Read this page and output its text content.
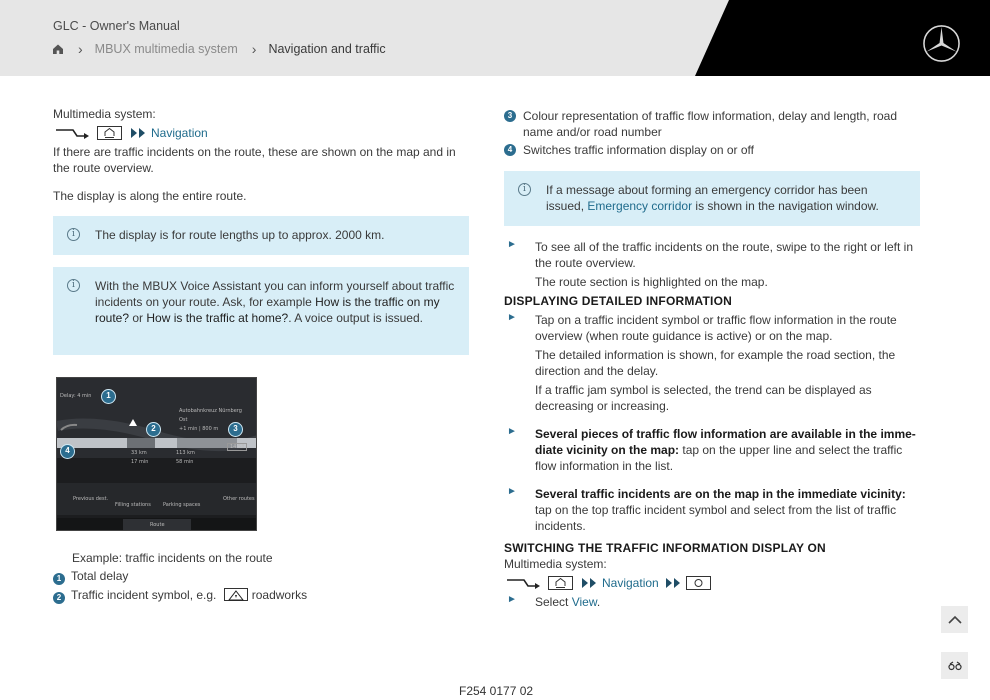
GLC - Owner's Manual
› MBUX multimedia system › Navigation and traffic

Multimedia system:

Navigation

If there are traffic incidents on the route, these are shown on the map and in the route overview.

The display is along the entire route.

i	The display is for route lengths up to approx. 2000 km.
i	With the MBUX Voice Assistant you can inform yourself about traffic incidents on your route. Ask, for example How is the traffic on my route? or How is the traffic at home?. A voice output is issued.
Delay: 4 min
Autobahnkreuz Nürnberg
Ost
+1 min | 800 m
14:58
33 km
17 min
113 km
58 min
Previous dest.
Filling stations Parking spaces
Other routes
Route
1
2	3
4

Example: traffic incidents on the route

1 Total delay

2 Traffic incident symbol, e.g.	roadworks

3 Colour representation of traffic flow information, delay and length, road name and/or road number

4 Switches traffic information display on or off

i	If a message about forming an emergency corridor has been issued, Emergency corridor is shown in the navigation window.
► To see all of the traffic incidents on the route, swipe to the right or left in the route overview.

The route section is highlighted on the map.

DISPLAYING DETAILED INFORMATION

► Tap on a traffic incident symbol or traffic flow information in the route overview (when route guidance is active) or on the map.

The detailed information is shown, for example the road section, the direction and the delay.

If a traffic jam symbol is selected, the trend can be displayed as decreasing or increasing.

► Several pieces of traffic flow information are available in the imme-diate vicinity on the map: tap on the upper line and select the traffic flow information in the list.

► Several traffic incidents are on the map in the immediate vicinity: tap on the top traffic incident symbol and select from the list of traffic incidents.

SWITCHING THE TRAFFIC INFORMATION DISPLAY ON

Multimedia system:

Navigation
► Select View.

F254 0177 02
